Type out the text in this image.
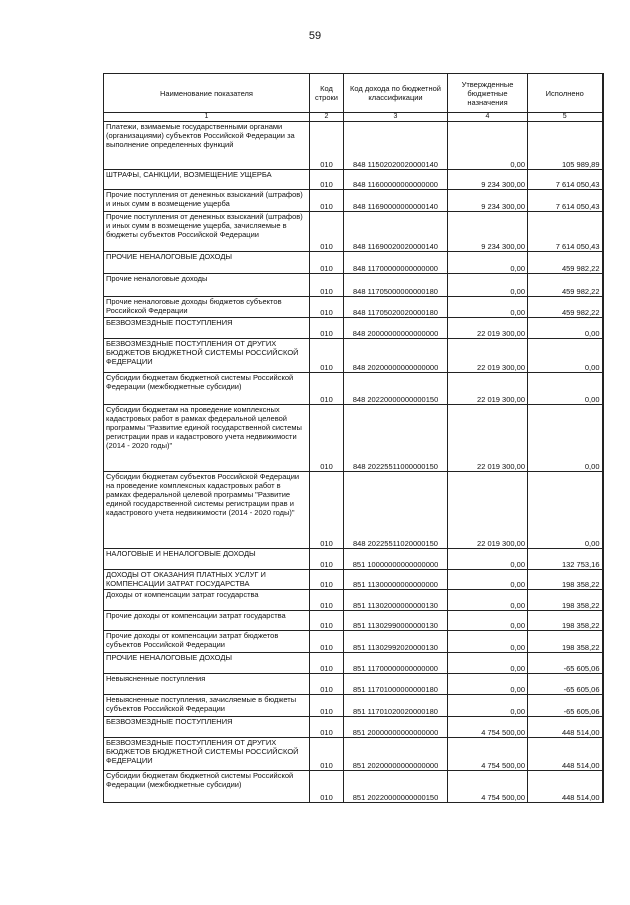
59
Наименование показателя	Код строки	Код дохода по бюджетной классификации	Утвержденные бюджетные назначения	Исполнено
1	2	3	4	5
Платежи, взимаемые государственными органами (организациями) субъектов Российской Федерации за выполнение определенных функций	010	848 11502020020000140	0,00	105 989,89
ШТРАФЫ, САНКЦИИ, ВОЗМЕЩЕНИЕ УЩЕРБА	010	848 11600000000000000	9 234 300,00	7 614 050,43
Прочие поступления от денежных взысканий (штрафов) и иных сумм в возмещение ущерба	010	848 11690000000000140	9 234 300,00	7 614 050,43
Прочие поступления от денежных взысканий (штрафов) и иных сумм в возмещение ущерба, зачисляемые в бюджеты субъектов Российской Федерации	010	848 11690020020000140	9 234 300,00	7 614 050,43
ПРОЧИЕ НЕНАЛОГОВЫЕ ДОХОДЫ	010	848 11700000000000000	0,00	459 982,22
Прочие неналоговые доходы	010	848 11705000000000180	0,00	459 982,22
Прочие неналоговые доходы бюджетов субъектов Российской Федерации	010	848 11705020020000180	0,00	459 982,22
БЕЗВОЗМЕЗДНЫЕ ПОСТУПЛЕНИЯ	010	848 20000000000000000	22 019 300,00	0,00
БЕЗВОЗМЕЗДНЫЕ ПОСТУПЛЕНИЯ ОТ ДРУГИХ БЮДЖЕТОВ БЮДЖЕТНОЙ СИСТЕМЫ РОССИЙСКОЙ ФЕДЕРАЦИИ	010	848 20200000000000000	22 019 300,00	0,00
Субсидии бюджетам бюджетной системы Российской Федерации (межбюджетные субсидии)	010	848 20220000000000150	22 019 300,00	0,00
Субсидии бюджетам на проведение комплексных кадастровых работ в рамках федеральной целевой программы "Развитие единой государственной системы регистрации прав и кадастрового учета недвижимости (2014 - 2020 годы)"	010	848 20225511000000150	22 019 300,00	0,00
Субсидии бюджетам субъектов Российской Федерации на проведение комплексных кадастровых работ в рамках федеральной целевой программы "Развитие единой государственной системы регистрации прав и кадастрового учета недвижимости (2014 - 2020 годы)"	010	848 20225511020000150	22 019 300,00	0,00
НАЛОГОВЫЕ И НЕНАЛОГОВЫЕ ДОХОДЫ	010	851 10000000000000000	0,00	132 753,16
ДОХОДЫ ОТ ОКАЗАНИЯ ПЛАТНЫХ УСЛУГ И КОМПЕНСАЦИИ ЗАТРАТ ГОСУДАРСТВА	010	851 11300000000000000	0,00	198 358,22
Доходы от компенсации затрат государства	010	851 11302000000000130	0,00	198 358,22
Прочие доходы от компенсации затрат государства	010	851 11302990000000130	0,00	198 358,22
Прочие доходы от компенсации затрат бюджетов субъектов Российской Федерации	010	851 11302992020000130	0,00	198 358,22
ПРОЧИЕ НЕНАЛОГОВЫЕ ДОХОДЫ	010	851 11700000000000000	0,00	-65 605,06
Невыясненные поступления	010	851 11701000000000180	0,00	-65 605,06
Невыясненные поступления, зачисляемые в бюджеты субъектов Российской Федерации	010	851 11701020020000180	0,00	-65 605,06
БЕЗВОЗМЕЗДНЫЕ ПОСТУПЛЕНИЯ	010	851 20000000000000000	4 754 500,00	448 514,00
БЕЗВОЗМЕЗДНЫЕ ПОСТУПЛЕНИЯ ОТ ДРУГИХ БЮДЖЕТОВ БЮДЖЕТНОЙ СИСТЕМЫ РОССИЙСКОЙ ФЕДЕРАЦИИ	010	851 20200000000000000	4 754 500,00	448 514,00
Субсидии бюджетам бюджетной системы Российской Федерации (межбюджетные субсидии)	010	851 20220000000000150	4 754 500,00	448 514,00
